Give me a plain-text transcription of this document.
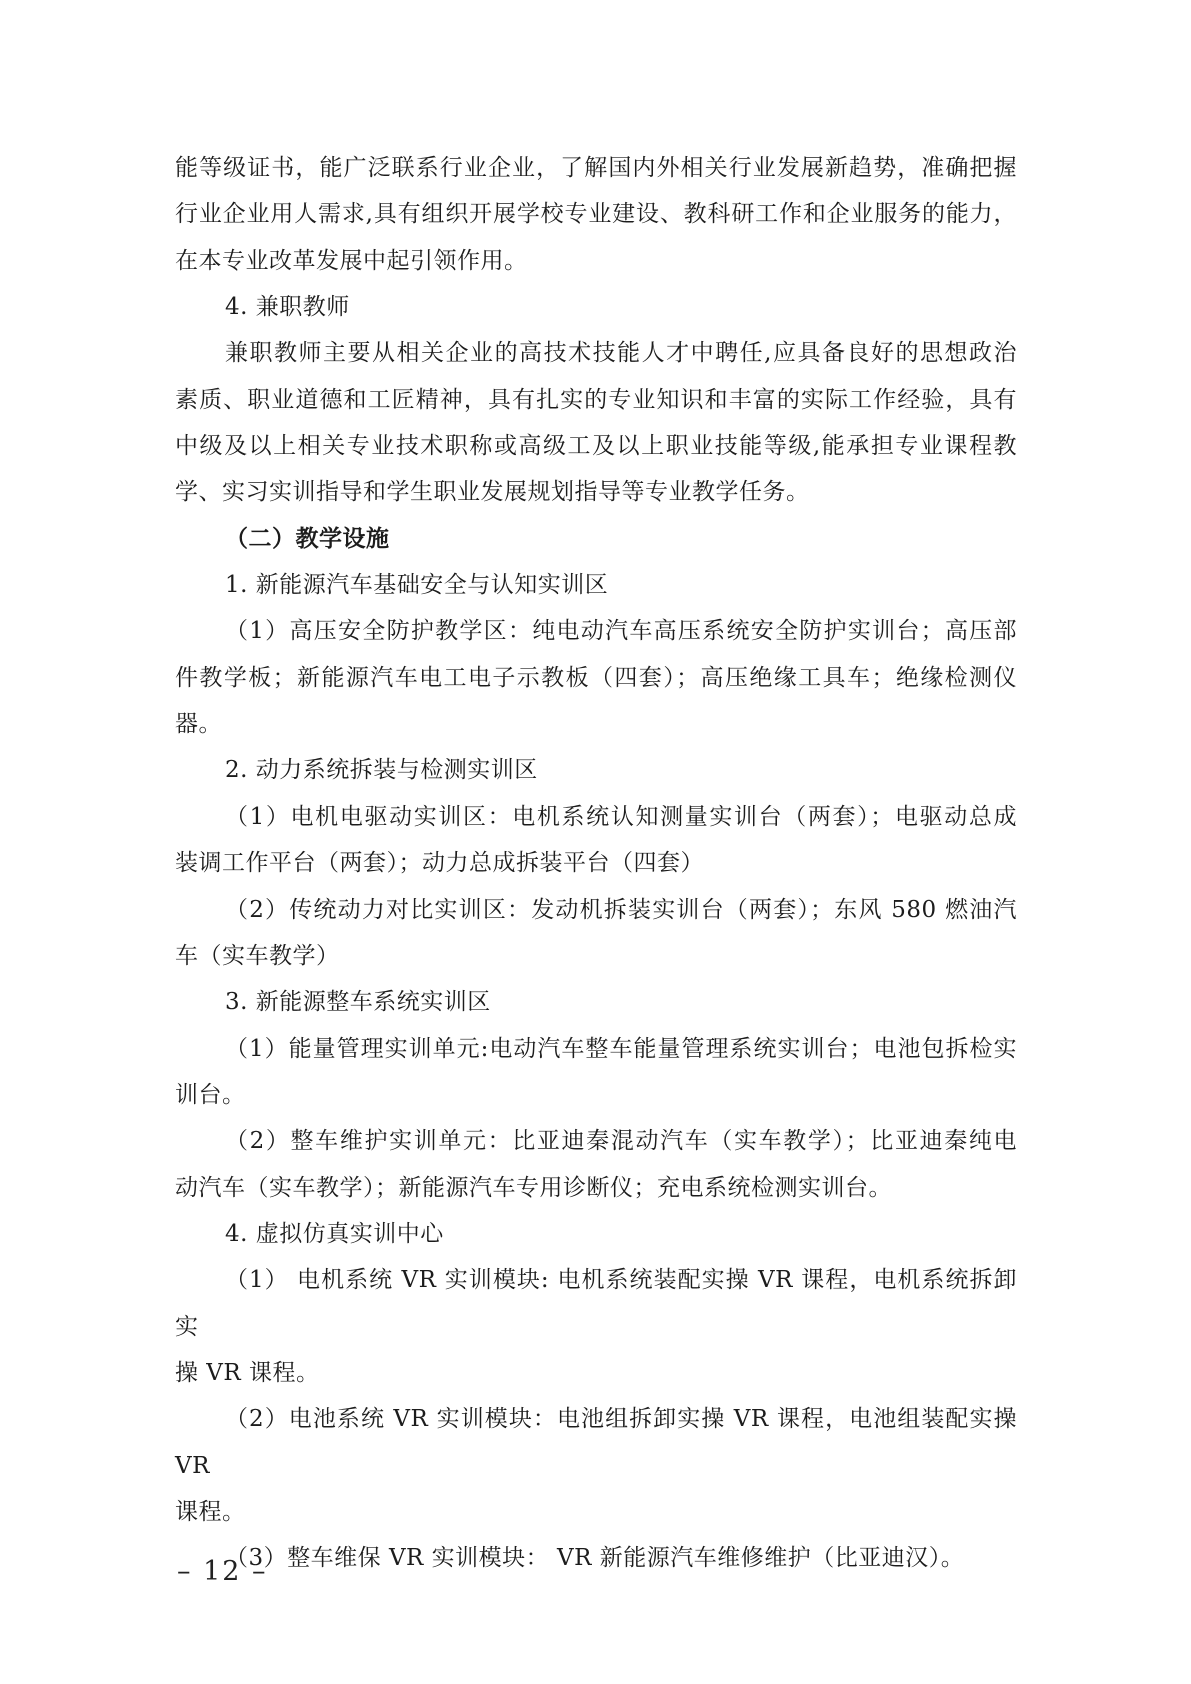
能等级证书，能广泛联系行业企业，了解国内外相关行业发展新趋势，准确把握
行业企业用人需求,具有组织开展学校专业建设、教科研工作和企业服务的能力，
在本专业改革发展中起引领作用。
4. 兼职教师
兼职教师主要从相关企业的高技术技能人才中聘任,应具备良好的思想政治
素质、职业道德和工匠精神，具有扎实的专业知识和丰富的实际工作经验，具有
中级及以上相关专业技术职称或高级工及以上职业技能等级,能承担专业课程教
学、实习实训指导和学生职业发展规划指导等专业教学任务。
（二）教学设施
1. 新能源汽车基础安全与认知实训区
（1）高压安全防护教学区：纯电动汽车高压系统安全防护实训台；高压部
件教学板；新能源汽车电工电子示教板（四套）；高压绝缘工具车；绝缘检测仪
器。
2. 动力系统拆装与检测实训区
（1）电机电驱动实训区：电机系统认知测量实训台（两套）；电驱动总成
装调工作平台（两套）；动力总成拆装平台（四套）
（2）传统动力对比实训区：发动机拆装实训台（两套）；东风 580 燃油汽
车（实车教学）
3. 新能源整车系统实训区
（1）能量管理实训单元:电动汽车整车能量管理系统实训台；电池包拆检实
训台。
（2）整车维护实训单元：比亚迪秦混动汽车（实车教学）；比亚迪秦纯电
动汽车（实车教学）；新能源汽车专用诊断仪；充电系统检测实训台。
4. 虚拟仿真实训中心
（1） 电机系统 VR 实训模块: 电机系统装配实操 VR 课程，电机系统拆卸实
操 VR 课程。
（2）电池系统 VR 实训模块：电池组拆卸实操 VR 课程，电池组装配实操 VR
课程。
（3）整车维保 VR 实训模块： VR 新能源汽车维修维护（比亚迪汉）。
– 12 –
